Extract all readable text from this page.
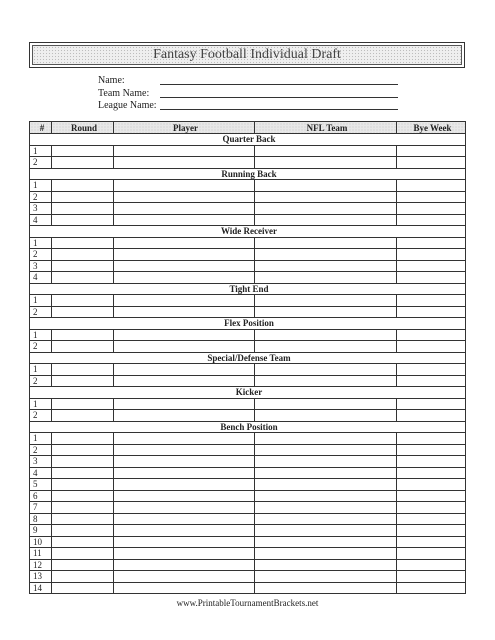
Fantasy Football Individual Draft
Name:
Team Name:
League Name:
#	Round	Player	NFL Team	Bye Week
Quarter Back				
1				
2				
Running Back				
1				
2				
3				
4				
Wide Receiver				
1				
2				
3				
4				
Tight End				
1				
2				
Flex Position				
1				
2				
Special/Defense Team				
1				
2				
Kicker				
1				
2				
Bench Position				
1				
2				
3				
4				
5				
6				
7				
8				
9				
10				
11				
12				
13				
14				
www.PrintableTournamentBrackets.net
